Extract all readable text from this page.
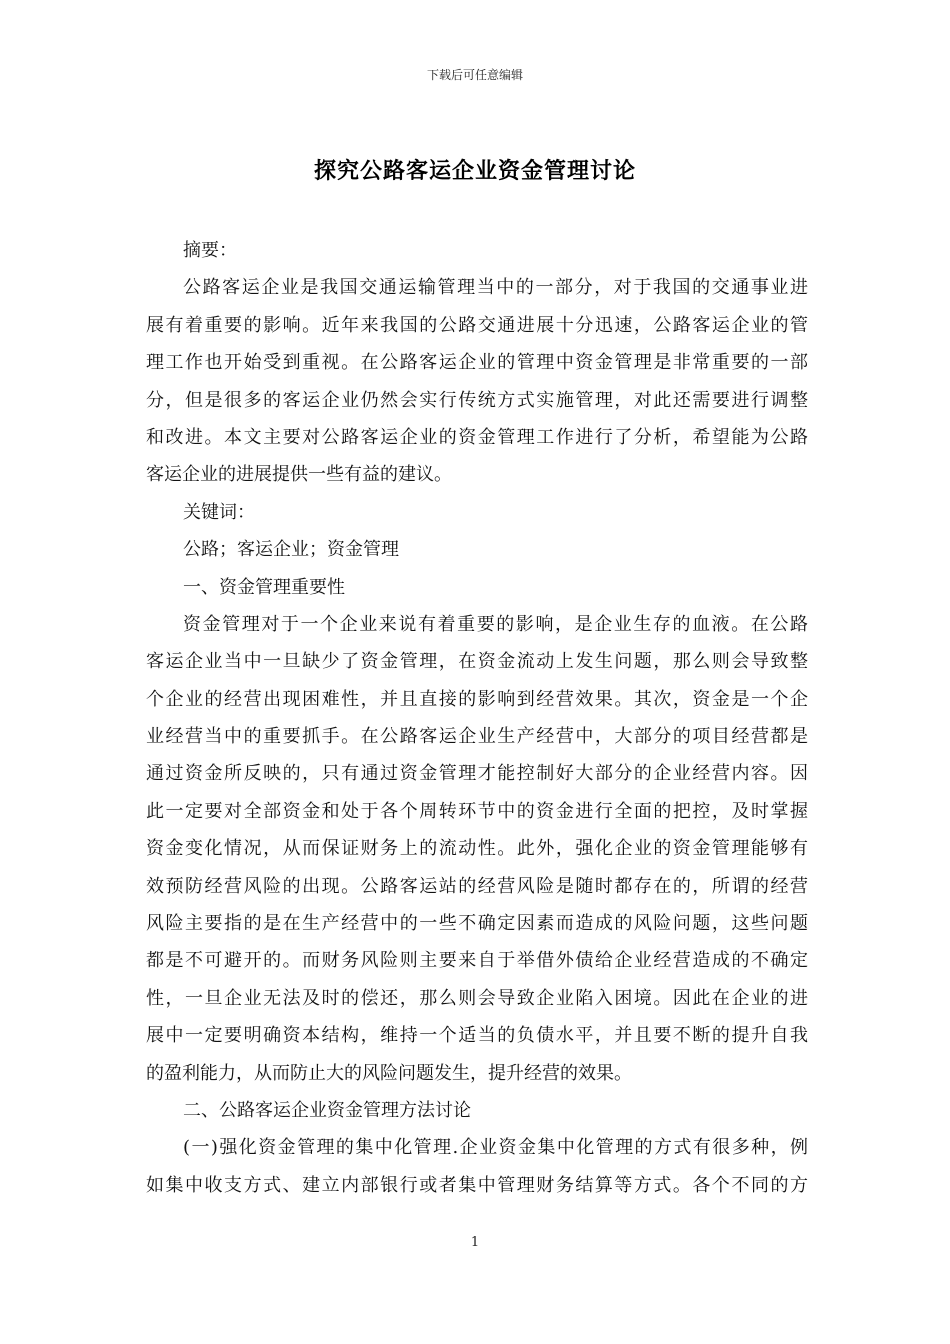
下载后可任意编辑
探究公路客运企业资金管理讨论
摘要：
公路客运企业是我国交通运输管理当中的一部分，对于我国的交通事业进
展有着重要的影响。近年来我国的公路交通进展十分迅速，公路客运企业的管
理工作也开始受到重视。在公路客运企业的管理中资金管理是非常重要的一部
分，但是很多的客运企业仍然会实行传统方式实施管理，对此还需要进行调整
和改进。本文主要对公路客运企业的资金管理工作进行了分析，希望能为公路
客运企业的进展提供一些有益的建议。
关键词：
公路；客运企业；资金管理
一、资金管理重要性
资金管理对于一个企业来说有着重要的影响，是企业生存的血液。在公路
客运企业当中一旦缺少了资金管理，在资金流动上发生问题，那么则会导致整
个企业的经营出现困难性，并且直接的影响到经营效果。其次，资金是一个企
业经营当中的重要抓手。在公路客运企业生产经营中，大部分的项目经营都是
通过资金所反映的，只有通过资金管理才能控制好大部分的企业经营内容。因
此一定要对全部资金和处于各个周转环节中的资金进行全面的把控，及时掌握
资金变化情况，从而保证财务上的流动性。此外，强化企业的资金管理能够有
效预防经营风险的出现。公路客运站的经营风险是随时都存在的，所谓的经营
风险主要指的是在生产经营中的一些不确定因素而造成的风险问题，这些问题
都是不可避开的。而财务风险则主要来自于举借外债给企业经营造成的不确定
性，一旦企业无法及时的偿还，那么则会导致企业陷入困境。因此在企业的进
展中一定要明确资本结构，维持一个适当的负债水平，并且要不断的提升自我
的盈利能力，从而防止大的风险问题发生，提升经营的效果。
二、公路客运企业资金管理方法讨论
(一)强化资金管理的集中化管理.企业资金集中化管理的方式有很多种，例
如集中收支方式、建立内部银行或者集中管理财务结算等方式。各个不同的方
1
